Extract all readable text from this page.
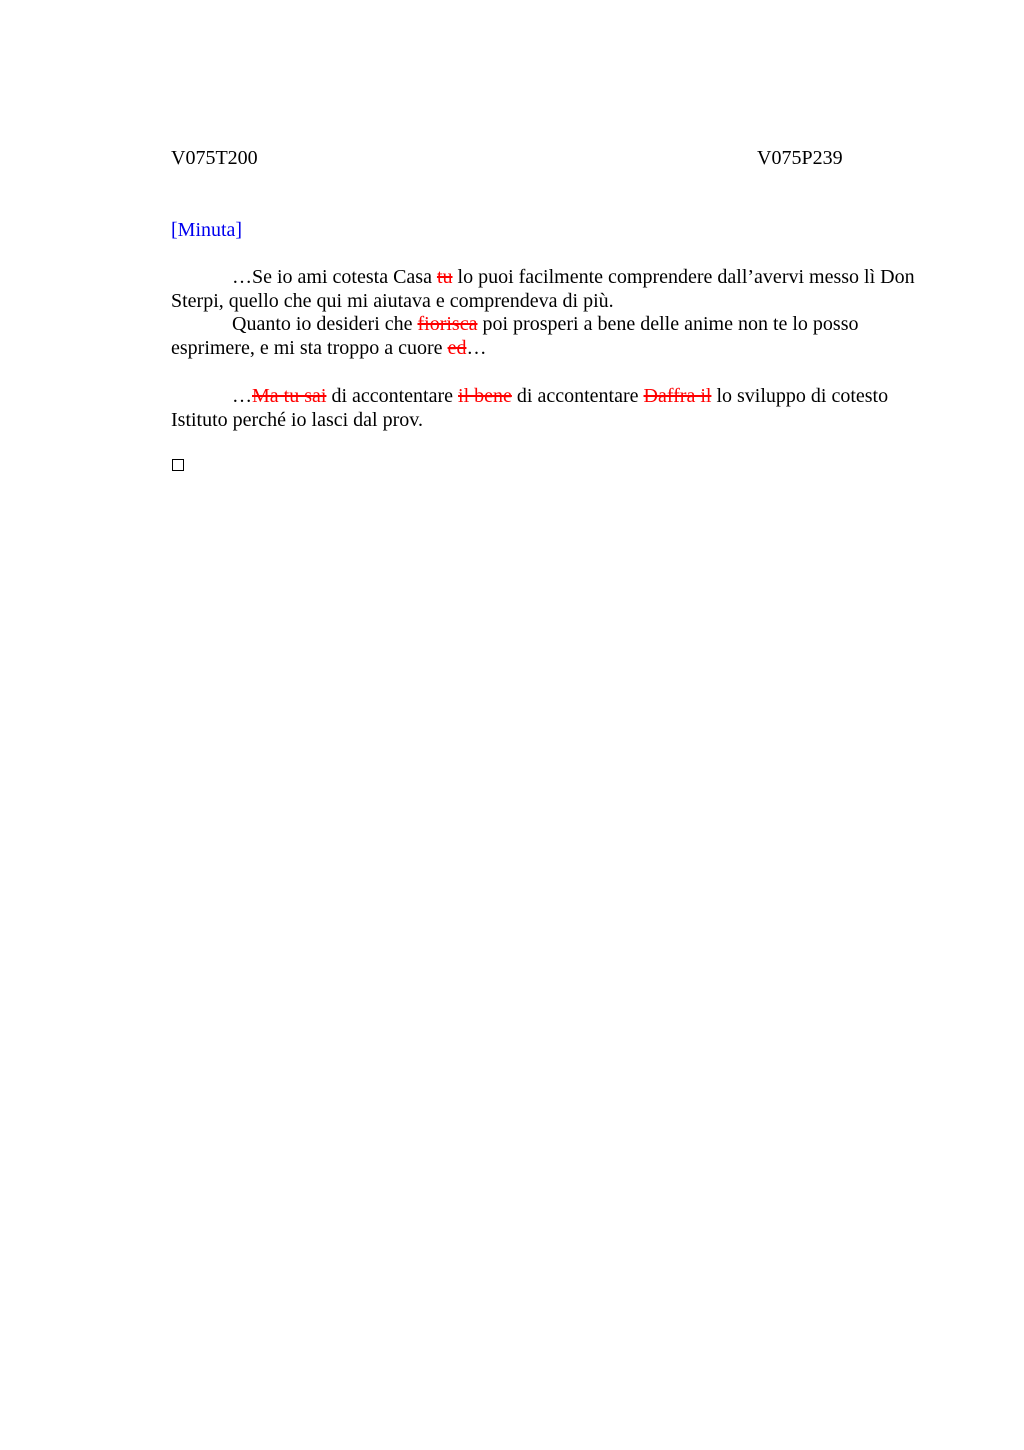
V075T200	V075P239
[Minuta]

…Se io ami cotesta Casa tu lo puoi facilmente comprendere dall’avervi messo lì Don Sterpi, quello che qui mi aiutava e comprendeva di più.

Quanto io desideri che fiorisca poi prosperi a bene delle anime non te lo posso esprimere, e mi sta troppo a cuore ed…

…Ma tu sai di accontentare il bene di accontentare Daffra il lo sviluppo di cotesto Istituto perché io lasci dal prov.
